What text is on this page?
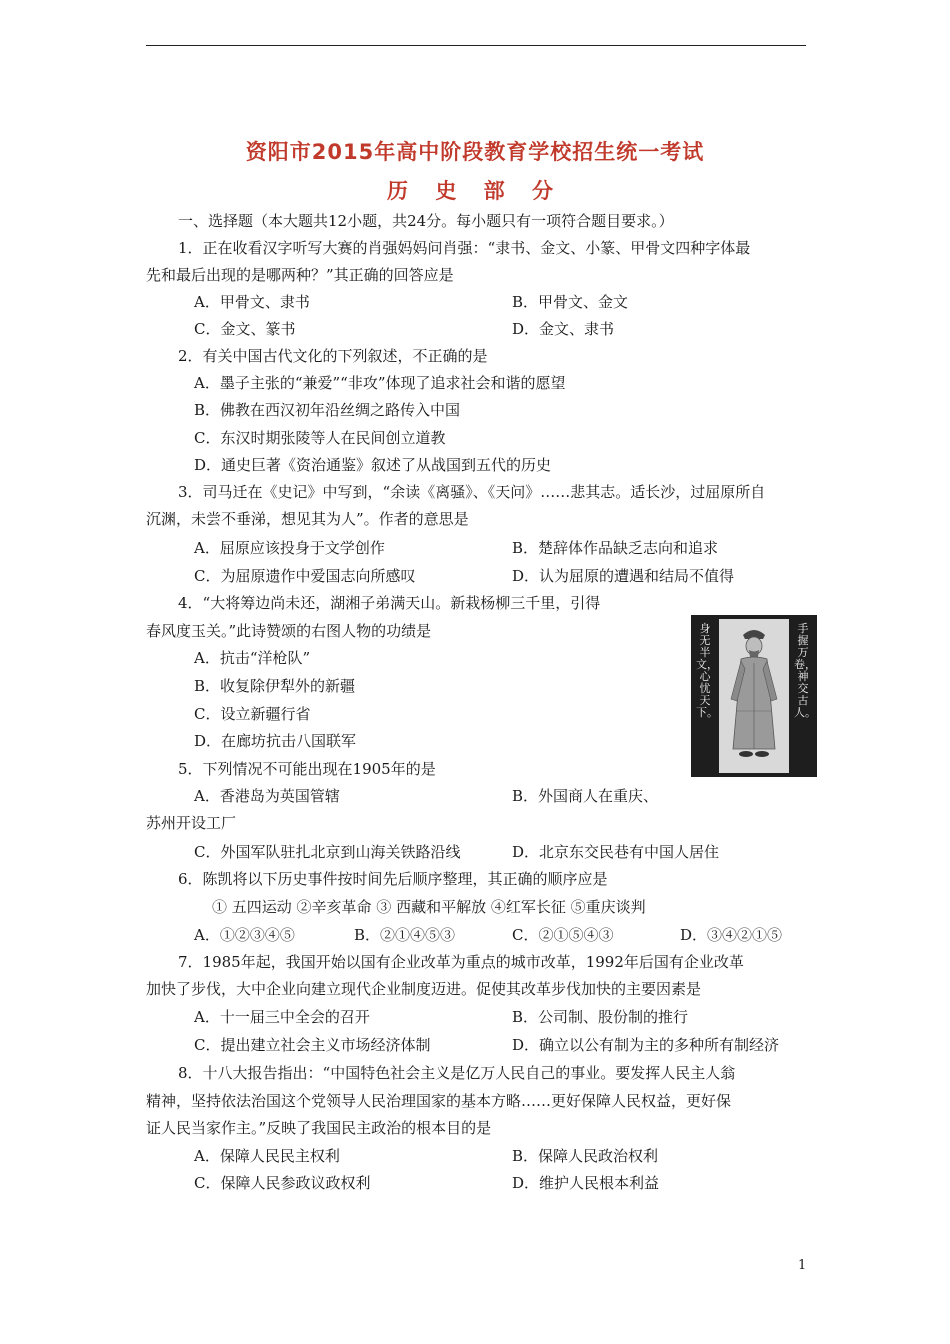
资阳市2015年高中阶段教育学校招生统一考试
历 史 部 分
一、选择题（本大题共12小题，共24分。每小题只有一项符合题目要求。）
1．正在收看汉字听写大赛的肖强妈妈问肖强：“隶书、金文、小篆、甲骨文四种字体最
先和最后出现的是哪两种？”其正确的回答应是
A．甲骨文、隶书	B．甲骨文、金文
C．金文、篆书	D．金文、隶书
2．有关中国古代文化的下列叙述，不正确的是
A．墨子主张的“兼爱”“非攻”体现了追求社会和谐的愿望
B．佛教在西汉初年沿丝绸之路传入中国
C．东汉时期张陵等人在民间创立道教
D．通史巨著《资治通鉴》叙述了从战国到五代的历史
3．司马迁在《史记》中写到，“余读《离骚》、《天问》……悲其志。适长沙，过屈原所自
沉渊，未尝不垂涕，想见其为人”。作者的意思是
A．屈原应该投身于文学创作	B．楚辞体作品缺乏志向和追求
C．为屈原遗作中爱国志向所感叹	D．认为屈原的遭遇和结局不值得
4．“大将筹边尚未还，湖湘子弟满天山。新栽杨柳三千里，引得
春风度玉关。”此诗赞颂的右图人物的功绩是
A．抗击“洋枪队”
B．收复除伊犁外的新疆
C．设立新疆行省
D．在廊坊抗击八国联军
身无半文，心忧天下。
手握万卷，神交古人。
5．下列情况不可能出现在1905年的是
A．香港岛为英国管辖	B．外国商人在重庆、
苏州开设工厂
C．外国军队驻扎北京到山海关铁路沿线	D．北京东交民巷有中国人居住
6．陈凯将以下历史事件按时间先后顺序整理，其正确的顺序应是
① 五四运动 ②辛亥革命 ③ 西藏和平解放 ④红军长征 ⑤重庆谈判
A．①②③④⑤	B．②①④⑤③	C．②①⑤④③	D．③④②①⑤
7．1985年起，我国开始以国有企业改革为重点的城市改革，1992年后国有企业改革
加快了步伐，大中企业向建立现代企业制度迈进。促使其改革步伐加快的主要因素是
A．十一届三中全会的召开	B．公司制、股份制的推行
C．提出建立社会主义市场经济体制	D．确立以公有制为主的多种所有制经济
8．十八大报告指出：“中国特色社会主义是亿万人民自己的事业。要发挥人民主人翁
精神，坚持依法治国这个党领导人民治理国家的基本方略……更好保障人民权益，更好保
证人民当家作主。”反映了我国民主政治的根本目的是
A．保障人民民主权利	B．保障人民政治权利
C．保障人民参政议政权利	D．维护人民根本利益
1
